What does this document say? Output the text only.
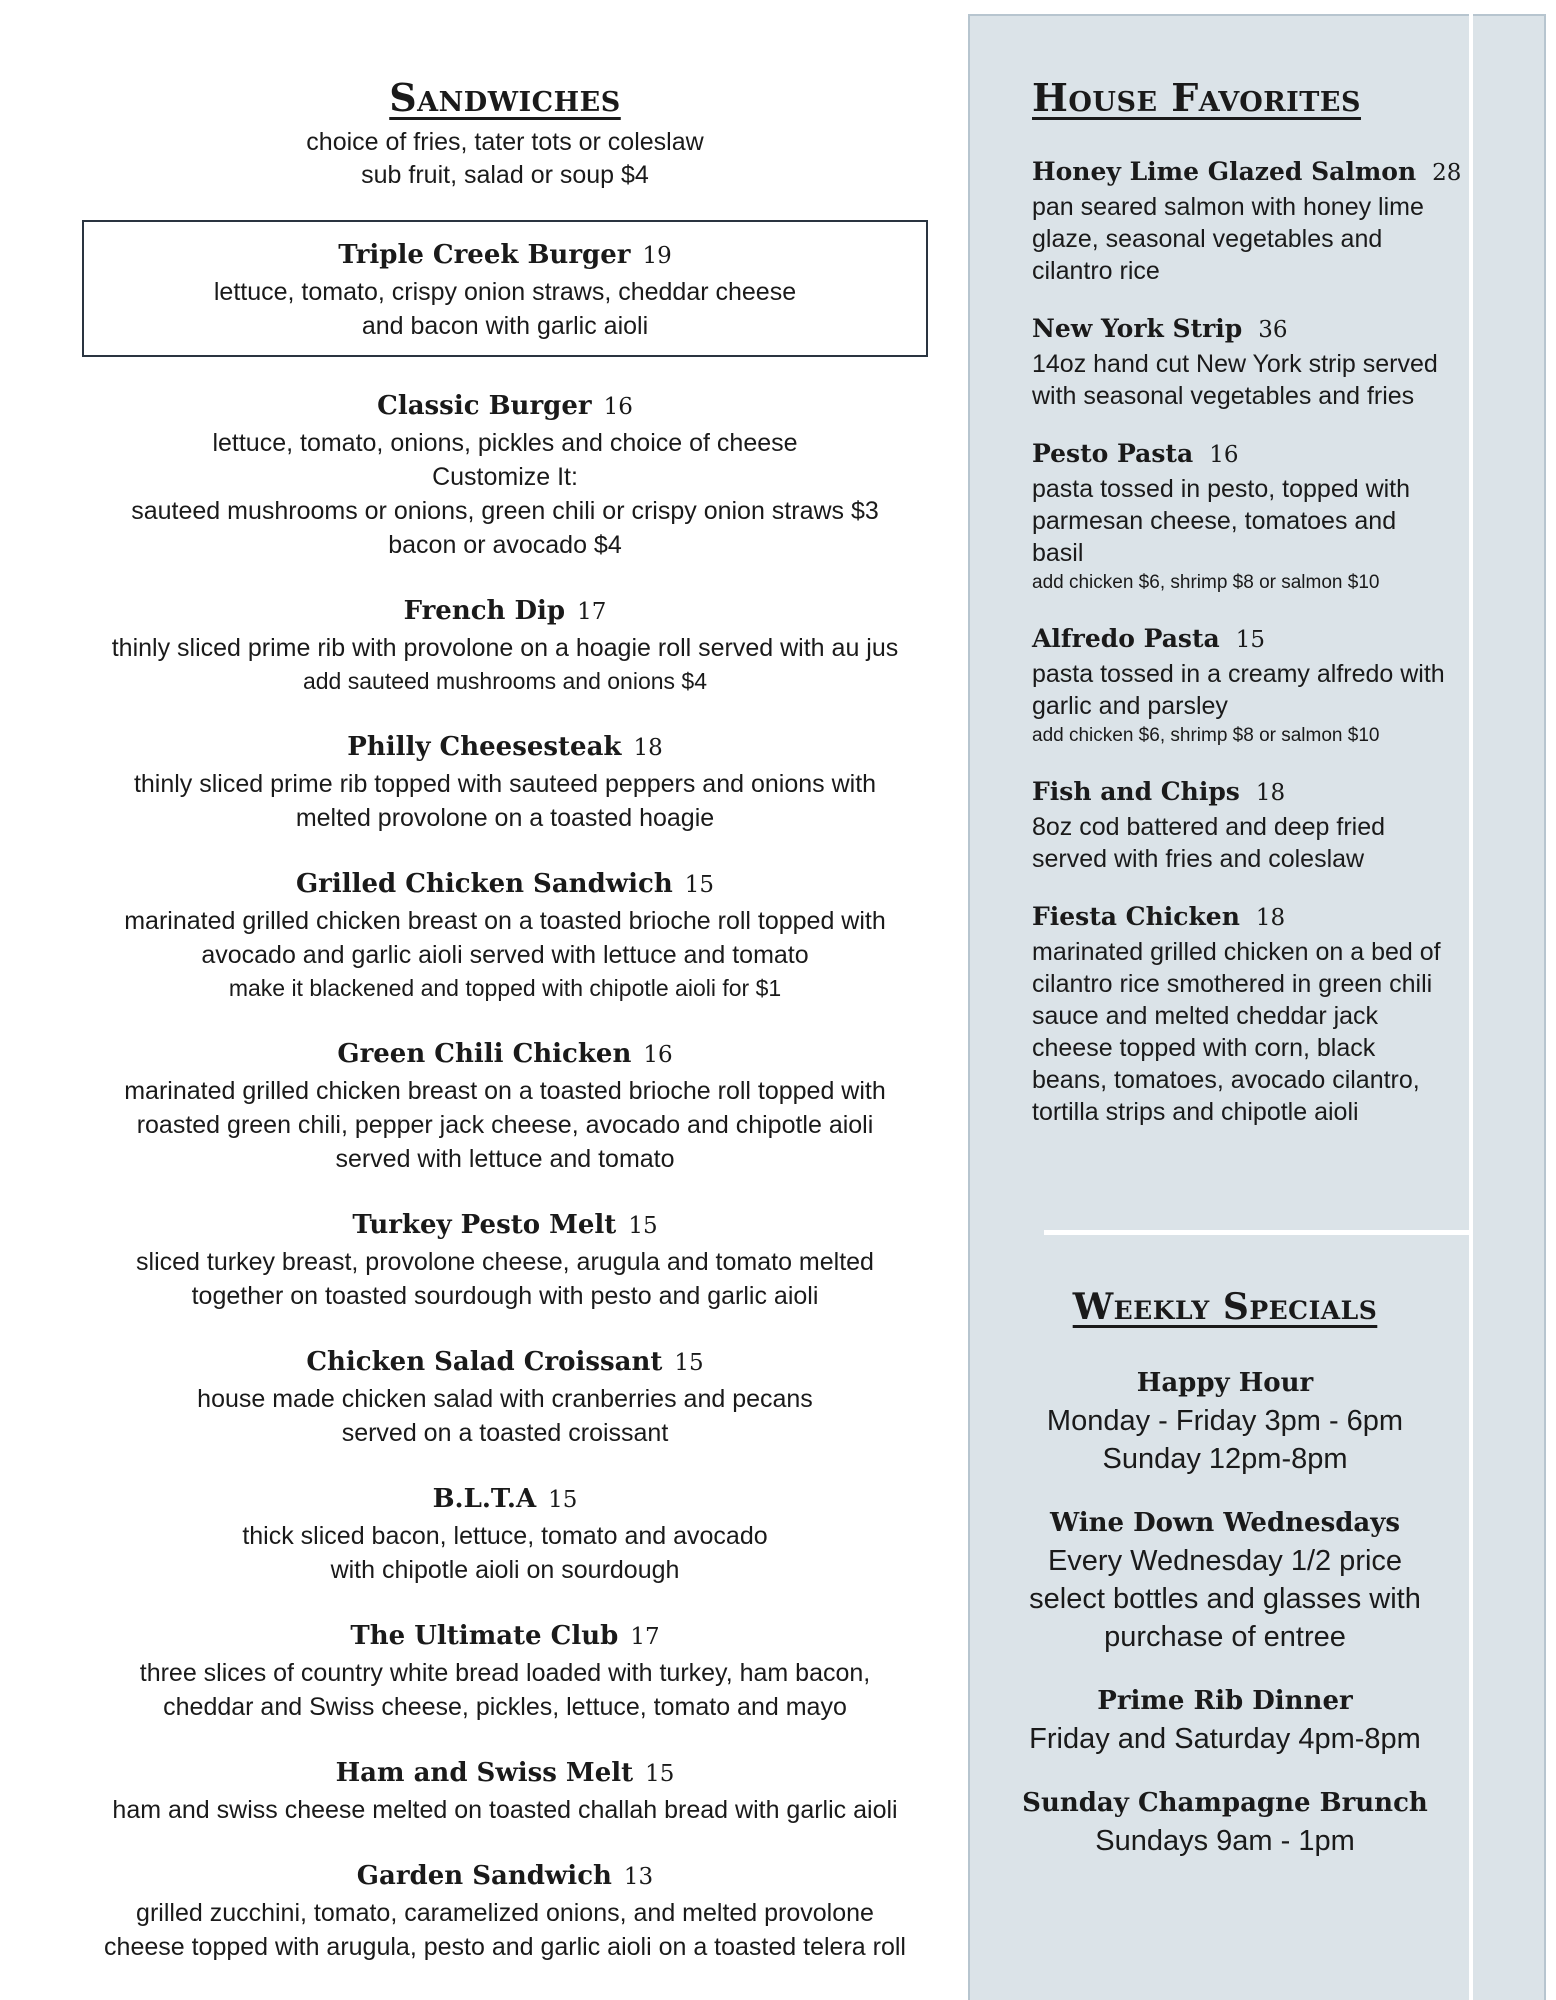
Sandwiches
choice of fries, tater tots or coleslaw
sub fruit, salad or soup $4
Triple Creek Burger 19
lettuce, tomato, crispy onion straws, cheddar cheese
and bacon with garlic aioli
Classic Burger 16
lettuce, tomato, onions, pickles and choice of cheese
Customize It:
sauteed mushrooms or onions, green chili or crispy onion straws $3
bacon or avocado $4
French Dip 17
thinly sliced prime rib with provolone on a hoagie roll served with au jus
add sauteed mushrooms and onions $4
Philly Cheesesteak 18
thinly sliced prime rib topped with sauteed peppers and onions with
melted provolone on a toasted hoagie
Grilled Chicken Sandwich 15
marinated grilled chicken breast on a toasted brioche roll topped with
avocado and garlic aioli served with lettuce and tomato
make it blackened and topped with chipotle aioli for $1
Green Chili Chicken 16
marinated grilled chicken breast on a toasted brioche roll topped with
roasted green chili, pepper jack cheese, avocado and chipotle aioli
served with lettuce and tomato
Turkey Pesto Melt 15
sliced turkey breast, provolone cheese, arugula and tomato melted
together on toasted sourdough with pesto and garlic aioli
Chicken Salad Croissant 15
house made chicken salad with cranberries and pecans
served on a toasted croissant
B.L.T.A 15
thick sliced bacon, lettuce, tomato and avocado
with chipotle aioli on sourdough
The Ultimate Club 17
three slices of country white bread loaded with turkey, ham bacon,
cheddar and Swiss cheese, pickles, lettuce, tomato and mayo
Ham and Swiss Melt 15
ham and swiss cheese melted on toasted challah bread with garlic aioli
Garden Sandwich 13
grilled zucchini, tomato, caramelized onions, and melted provolone
cheese topped with arugula, pesto and garlic aioli on a toasted telera roll
House Favorites
Honey Lime Glazed Salmon 28
pan seared salmon with honey lime
glaze, seasonal vegetables and
cilantro rice
New York Strip 36
14oz hand cut New York strip served
with seasonal vegetables and fries
Pesto Pasta 16
pasta tossed in pesto, topped with
parmesan cheese, tomatoes and
basil
add chicken $6, shrimp $8 or salmon $10
Alfredo Pasta 15
pasta tossed in a creamy alfredo with
garlic and parsley
add chicken $6, shrimp $8 or salmon $10
Fish and Chips 18
8oz cod battered and deep fried
served with fries and coleslaw
Fiesta Chicken 18
marinated grilled chicken on a bed of
cilantro rice smothered in green chili
sauce and melted cheddar jack
cheese topped with corn, black
beans, tomatoes, avocado cilantro,
tortilla strips and chipotle aioli
Weekly Specials
Happy Hour
Monday - Friday 3pm - 6pm
Sunday 12pm-8pm
Wine Down Wednesdays
Every Wednesday 1/2 price
select bottles and glasses with
purchase of entree
Prime Rib Dinner
Friday and Saturday 4pm-8pm
Sunday Champagne Brunch
Sundays 9am - 1pm
